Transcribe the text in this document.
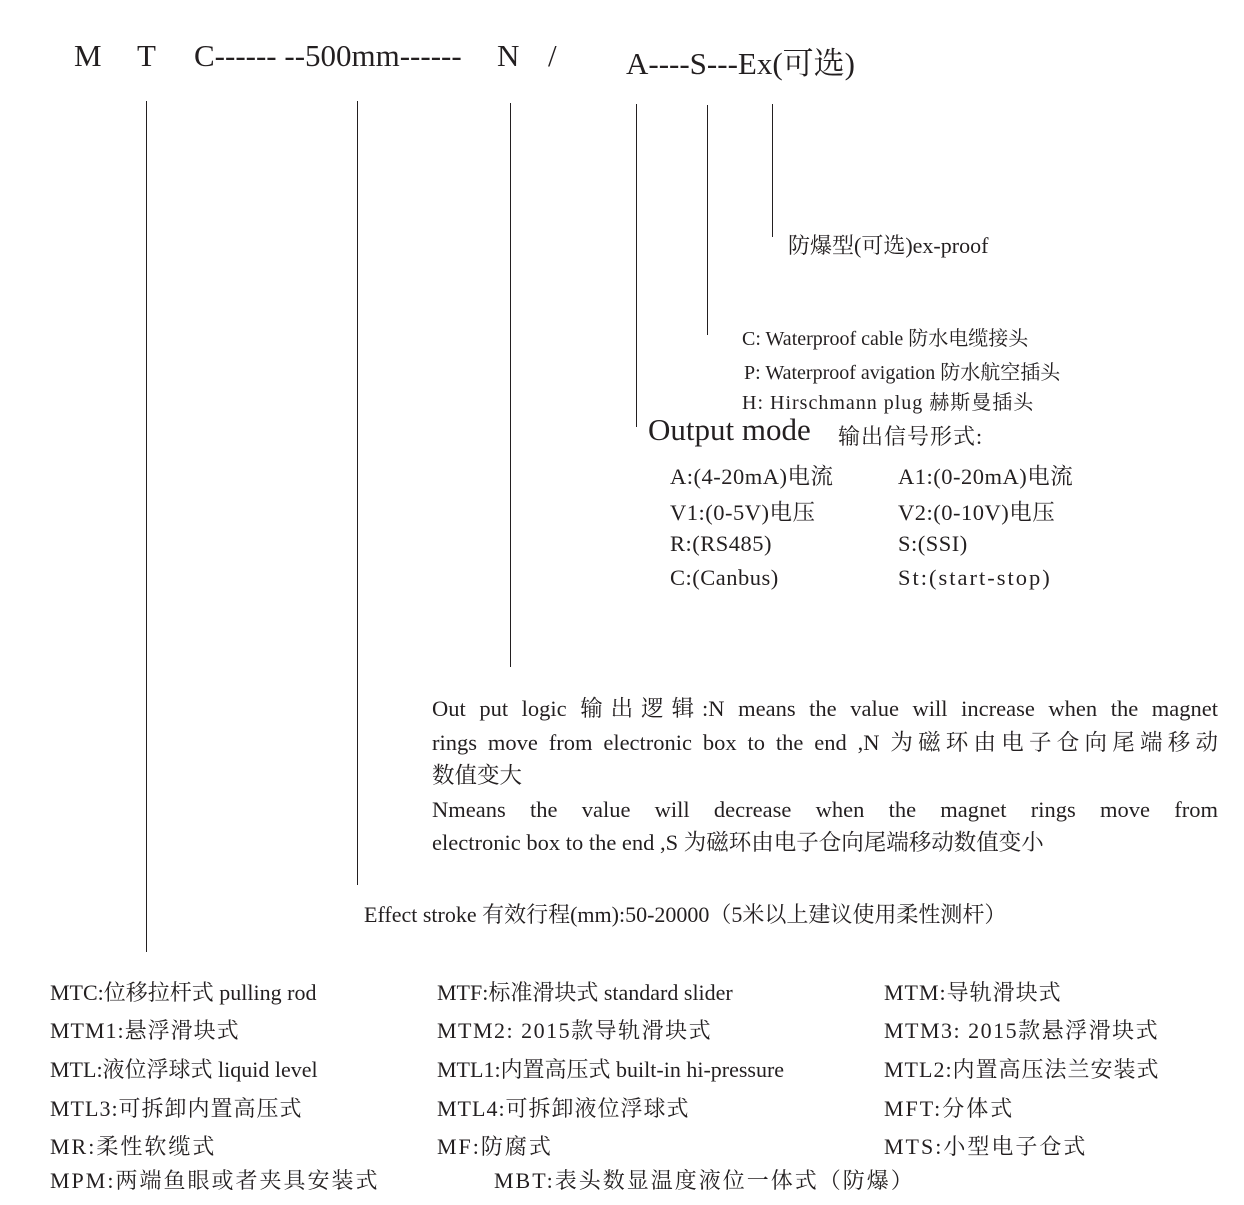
M T C------ --500mm------ N / A----S---Ex(可选)
防爆型(可选)ex-proof
C: Waterproof cable 防水电缆接头
P: Waterproof avigation 防水航空插头
H: Hirschmann plug 赫斯曼插头
Output mode 输出信号形式:
A:(4-20mA)电流	A1:(0-20mA)电流
V1:(0-5V)电压	V2:(0-10V)电压
R:(RS485)	S:(SSI)
C:(Canbus)	St:(start-stop)
Out put logic 输出逻辑:N means the value will increase when the magnet
rings move from electronic box to the end ,N 为磁环由电子仓向尾端移动
数值变大
Nmeans the value will decrease when the magnet rings move from
electronic box to the end ,S 为磁环由电子仓向尾端移动数值变小
Effect stroke 有效行程(mm):50-20000（5米以上建议使用柔性测杆）
MTC:位移拉杆式 pulling rod	MTF:标准滑块式 standard slider	MTM:导轨滑块式
MTM1:悬浮滑块式	MTM2: 2015款导轨滑块式	MTM3: 2015款悬浮滑块式
MTL:液位浮球式 liquid level	MTL1:内置高压式 built-in hi-pressure	MTL2:内置高压法兰安装式
MTL3:可拆卸内置高压式	MTL4:可拆卸液位浮球式	MFT:分体式
MR:柔性软缆式	MF:防腐式	MTS:小型电子仓式
MPM:两端鱼眼或者夹具安装式	MBT:表头数显温度液位一体式（防爆）
